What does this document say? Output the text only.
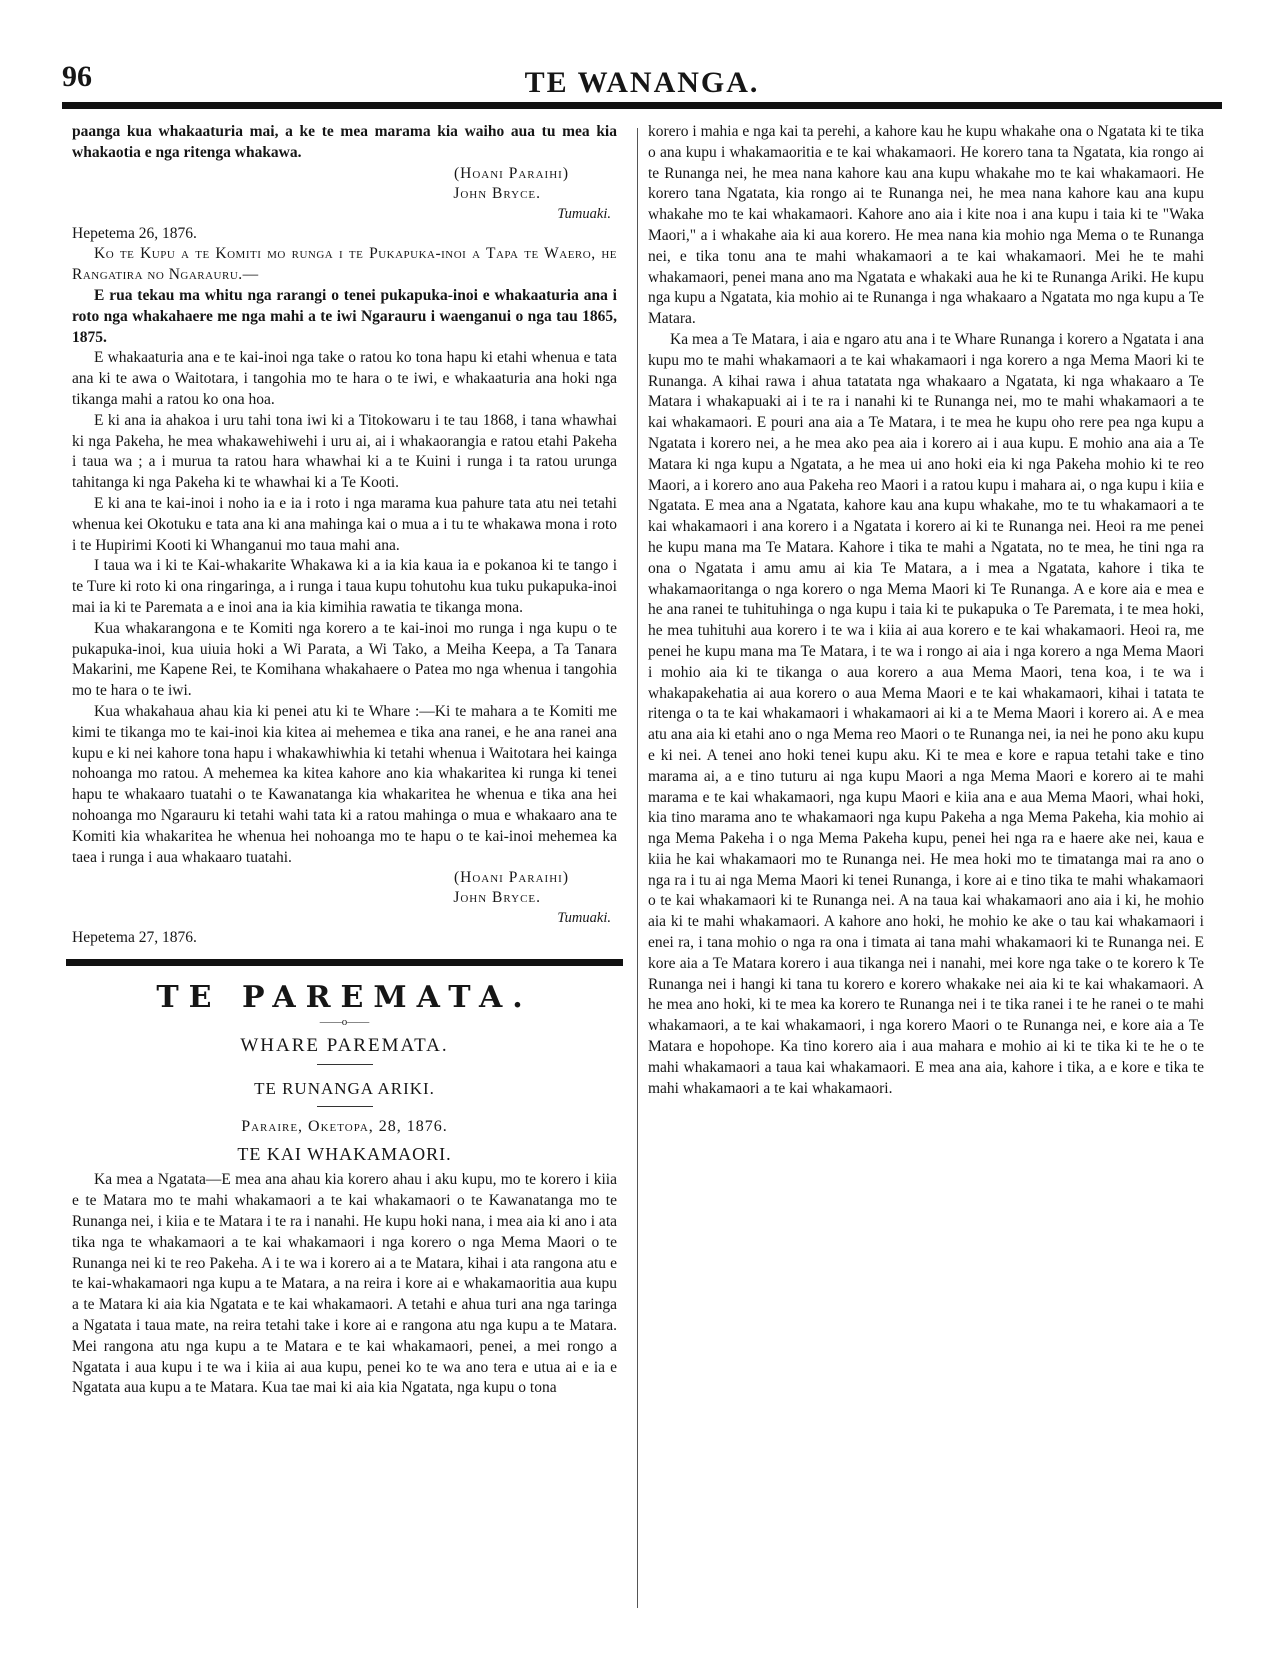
96	TE WANANGA.

paanga kua whakaaturia mai, a ke te mea marama kia waiho aua tu mea kia whakaotia e nga ritenga whakawa.

(Hoani Paraihi)
John Bryce.
Tumuaki.

Hepetema 26, 1876.

Ko te Kupu a te Komiti mo runga i te Pukapuka-inoi a Tapa te Waero, he Rangatira no Ngarauru.—

E rua tekau ma whitu nga rarangi o tenei pukapuka-inoi e whakaaturia ana i roto nga whakahaere me nga mahi a te iwi Ngarauru i waenganui o nga tau 1865, 1875.

E whakaaturia ana e te kai-inoi nga take o ratou ko tona hapu ki etahi whenua e tata ana ki te awa o Waitotara, i tangohia mo te hara o te iwi, e whakaaturia ana hoki nga tikanga mahi a ratou ko ona hoa.

E ki ana ia ahakoa i uru tahi tona iwi ki a Titokowaru i te tau 1868, i tana whawhai ki nga Pakeha, he mea whakawehiwehi i uru ai, ai i whakaorangia e ratou etahi Pakeha i taua wa ; a i murua ta ratou hara whawhai ki a te Kuini i runga i ta ratou urunga tahitanga ki nga Pakeha ki te whawhai ki a Te Kooti.

E ki ana te kai-inoi i noho ia e ia i roto i nga marama kua pahure tata atu nei tetahi whenua kei Okotuku e tata ana ki ana mahinga kai o mua a i tu te whakawa mona i roto i te Hupirimi Kooti ki Whanganui mo taua mahi ana.

I taua wa i ki te Kai-whakarite Whakawa ki a ia kia kaua ia e pokanoa ki te tango i te Ture ki roto ki ona ringaringa, a i runga i taua kupu tohutohu kua tuku pukapuka-inoi mai ia ki te Paremata a e inoi ana ia kia kimihia rawatia te tikanga mona.

Kua whakarangona e te Komiti nga korero a te kai-inoi mo runga i nga kupu o te pukapuka-inoi, kua uiuia hoki a Wi Parata, a Wi Tako, a Meiha Keepa, a Ta Tanara Makarini, me Kapene Rei, te Komihana whakahaere o Patea mo nga whenua i tangohia mo te hara o te iwi.

Kua whakahaua ahau kia ki penei atu ki te Whare :—Ki te mahara a te Komiti me kimi te tikanga mo te kai-inoi kia kitea ai mehemea e tika ana ranei, e he ana ranei ana kupu e ki nei kahore tona hapu i whakawhiwhia ki tetahi whenua i Waitotara hei kainga nohoanga mo ratou. A mehemea ka kitea kahore ano kia whakaritea ki runga ki tenei hapu te whakaaro tuatahi o te Kawanatanga kia whakaritea he whenua e tika ana hei nohoanga mo Ngarauru ki tetahi wahi tata ki a ratou mahinga o mua e whakaaro ana te Komiti kia whakaritea he whenua hei nohoanga mo te hapu o te kai-inoi mehemea ka taea i runga i aua whakaaro tuatahi.

(Hoani Paraihi)
John Bryce.
Tumuaki.

Hepetema 27, 1876.

TE PAREMATA.
——o——
WHARE PAREMATA.
TE RUNANGA ARIKI.
Paraire, Oketopa, 28, 1876.
TE KAI WHAKAMAORI.

Ka mea a Ngatata—E mea ana ahau kia korero ahau i aku kupu, mo te korero i kiia e te Matara mo te mahi whakamaori a te kai whakamaori o te Kawanatanga mo te Runanga nei, i kiia e te Matara i te ra i nanahi. He kupu hoki nana, i mea aia ki ano i ata tika nga te whakamaori a te kai whakamaori i nga korero o nga Mema Maori o te Runanga nei ki te reo Pakeha. A i te wa i korero ai a te Matara, kihai i ata rangona atu e te kai-whakamaori nga kupu a te Matara, a na reira i kore ai e whakamaoritia aua kupu a te Matara ki aia kia Ngatata e te kai whakamaori. A tetahi e ahua turi ana nga taringa a Ngatata i taua mate, na reira tetahi take i kore ai e rangona atu nga kupu a te Matara. Mei rangona atu nga kupu a te Matara e te kai whakamaori, penei, a mei rongo a Ngatata i aua kupu i te wa i kiia ai aua kupu, penei ko te wa ano tera e utua ai e ia e Ngatata aua kupu a te Matara. Kua tae mai ki aia kia Ngatata, nga kupu o tona

korero i mahia e nga kai ta perehi, a kahore kau he kupu whakahe ona o Ngatata ki te tika o ana kupu i whakamaoritia e te kai whakamaori. He korero tana ta Ngatata, kia rongo ai te Runanga nei, he mea nana kahore kau ana kupu whakahe mo te kai whakamaori. He korero tana Ngatata, kia rongo ai te Runanga nei, he mea nana kahore kau ana kupu whakahe mo te kai whakamaori. Kahore ano aia i kite noa i ana kupu i taia ki te "Waka Maori," a i whakahe aia ki aua korero. He mea nana kia mohio nga Mema o te Runanga nei, e tika tonu ana te mahi whakamaori a te kai whakamaori. Mei he te mahi whakamaori, penei mana ano ma Ngatata e whakaki aua he ki te Runanga Ariki. He kupu nga kupu a Ngatata, kia mohio ai te Runanga i nga whakaaro a Ngatata mo nga kupu a Te Matara.

Ka mea a Te Matara, i aia e ngaro atu ana i te Whare Runanga i korero a Ngatata i ana kupu mo te mahi whakamaori a te kai whakamaori i nga korero a nga Mema Maori ki te Runanga. A kihai rawa i ahua tatatata nga whakaaro a Ngatata, ki nga whakaaro a Te Matara i whakapuaki ai i te ra i nanahi ki te Runanga nei, mo te mahi whakamaori a te kai whakamaori. E pouri ana aia a Te Matara, i te mea he kupu oho rere pea nga kupu a Ngatata i korero nei, a he mea ako pea aia i korero ai i aua kupu. E mohio ana aia a Te Matara ki nga kupu a Ngatata, a he mea ui ano hoki eia ki nga Pakeha mohio ki te reo Maori, a i korero ano aua Pakeha reo Maori i a ratou kupu i mahara ai, o nga kupu i kiia e Ngatata. E mea ana a Ngatata, kahore kau ana kupu whakahe, mo te tu whakamaori a te kai whakamaori i ana korero i a Ngatata i korero ai ki te Runanga nei. Heoi ra me penei he kupu mana ma Te Matara. Kahore i tika te mahi a Ngatata, no te mea, he tini nga ra ona o Ngatata i amu amu ai kia Te Matara, a i mea a Ngatata, kahore i tika te whakamaoritanga o nga korero o nga Mema Maori ki Te Runanga. A e kore aia e mea e he ana ranei te tuhituhinga o nga kupu i taia ki te pukapuka o Te Paremata, i te mea hoki, he mea tuhituhi aua korero i te wa i kiia ai aua korero e te kai whakamaori. Heoi ra, me penei he kupu mana ma Te Matara, i te wa i rongo ai aia i nga korero a nga Mema Maori i mohio aia ki te tikanga o aua korero a aua Mema Maori, tena koa, i te wa i whakapakehatia ai aua korero o aua Mema Maori e te kai whakamaori, kihai i tatata te ritenga o ta te kai whakamaori i whakamaori ai ki a te Mema Maori i korero ai. A e mea atu ana aia ki etahi ano o nga Mema reo Maori o te Runanga nei, ia nei he pono aku kupu e ki nei. A tenei ano hoki tenei kupu aku. Ki te mea e kore e rapua tetahi take e tino marama ai, a e tino tuturu ai nga kupu Maori a nga Mema Maori e korero ai te mahi marama e te kai whakamaori, nga kupu Maori e kiia ana e aua Mema Maori, whai hoki, kia tino marama ano te whakamaori nga kupu Pakeha a nga Mema Pakeha, kia mohio ai nga Mema Pakeha i o nga Mema Pakeha kupu, penei hei nga ra e haere ake nei, kaua e kiia he kai whakamaori mo te Runanga nei. He mea hoki mo te timatanga mai ra ano o nga ra i tu ai nga Mema Maori ki tenei Runanga, i kore ai e tino tika te mahi whakamaori o te kai whakamaori ki te Runanga nei. A na taua kai whakamaori ano aia i ki, he mohio aia ki te mahi whakamaori. A kahore ano hoki, he mohio ke ake o tau kai whakamaori i enei ra, i tana mohio o nga ra ona i timata ai tana mahi whakamaori ki te Runanga nei. E kore aia a Te Matara korero i aua tikanga nei i nanahi, mei kore nga take o te korero k Te Runanga nei i hangi ki tana tu korero e korero whakake nei aia ki te kai whakamaori. A he mea ano hoki, ki te mea ka korero te Runanga nei i te tika ranei i te he ranei o te mahi whakamaori, a te kai whakamaori, i nga korero Maori o te Runanga nei, e kore aia a Te Matara e hopohope. Ka tino korero aia i aua mahara e mohio ai ki te tika ki te he o te mahi whakamaori a taua kai whakamaori. E mea ana aia, kahore i tika, a e kore e tika te mahi whakamaori a te kai whakamaori.
